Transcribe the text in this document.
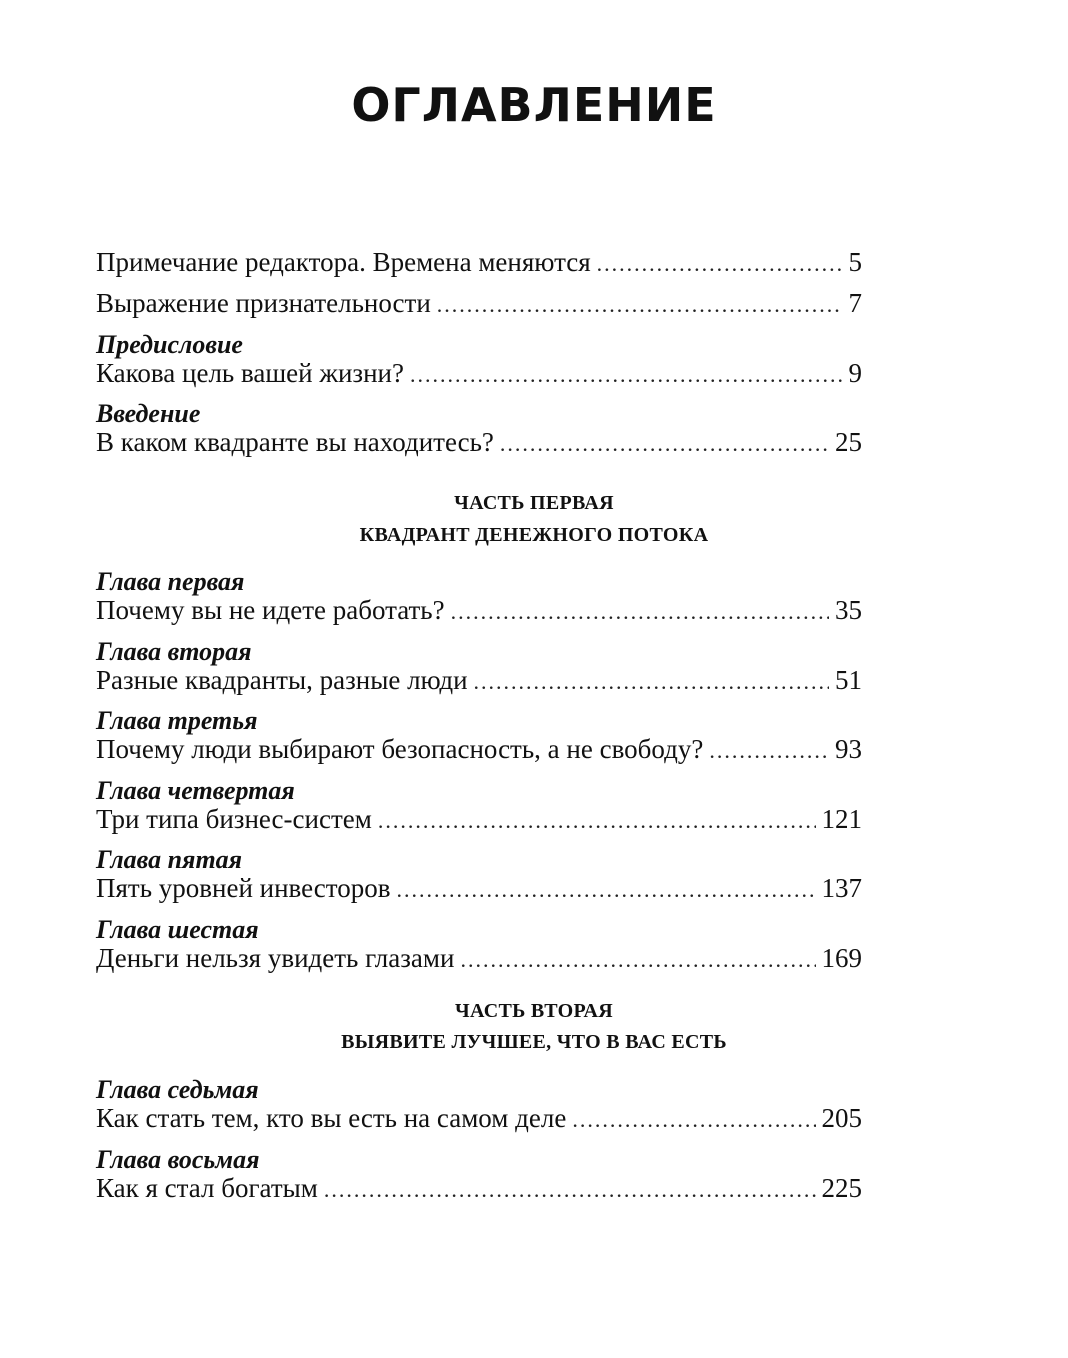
ОГЛАВЛЕНИЕ
Примечание редактора. Времена меняются .....	5
Выражение признательности .....	7
Предисловие
Какова цель вашей жизни? .....	9
Введение
В каком квадранте вы находитесь? .....	25
ЧАСТЬ ПЕРВАЯ
КВАДРАНТ ДЕНЕЖНОГО ПОТОКА
Глава первая
Почему вы не идете работать? .....	35
Глава вторая
Разные квадранты, разные люди .....	51
Глава третья
Почему люди выбирают безопасность, а не свободу? .....	93
Глава четвертая
Три типа бизнес-систем .....	121
Глава пятая
Пять уровней инвесторов .....	137
Глава шестая
Деньги нельзя увидеть глазами .....	169
ЧАСТЬ ВТОРАЯ
ВЫЯВИТЕ ЛУЧШЕЕ, ЧТО В ВАС ЕСТЬ
Глава седьмая
Как стать тем, кто вы есть на самом деле .....	205
Глава восьмая
Как я стал богатым .....	225
